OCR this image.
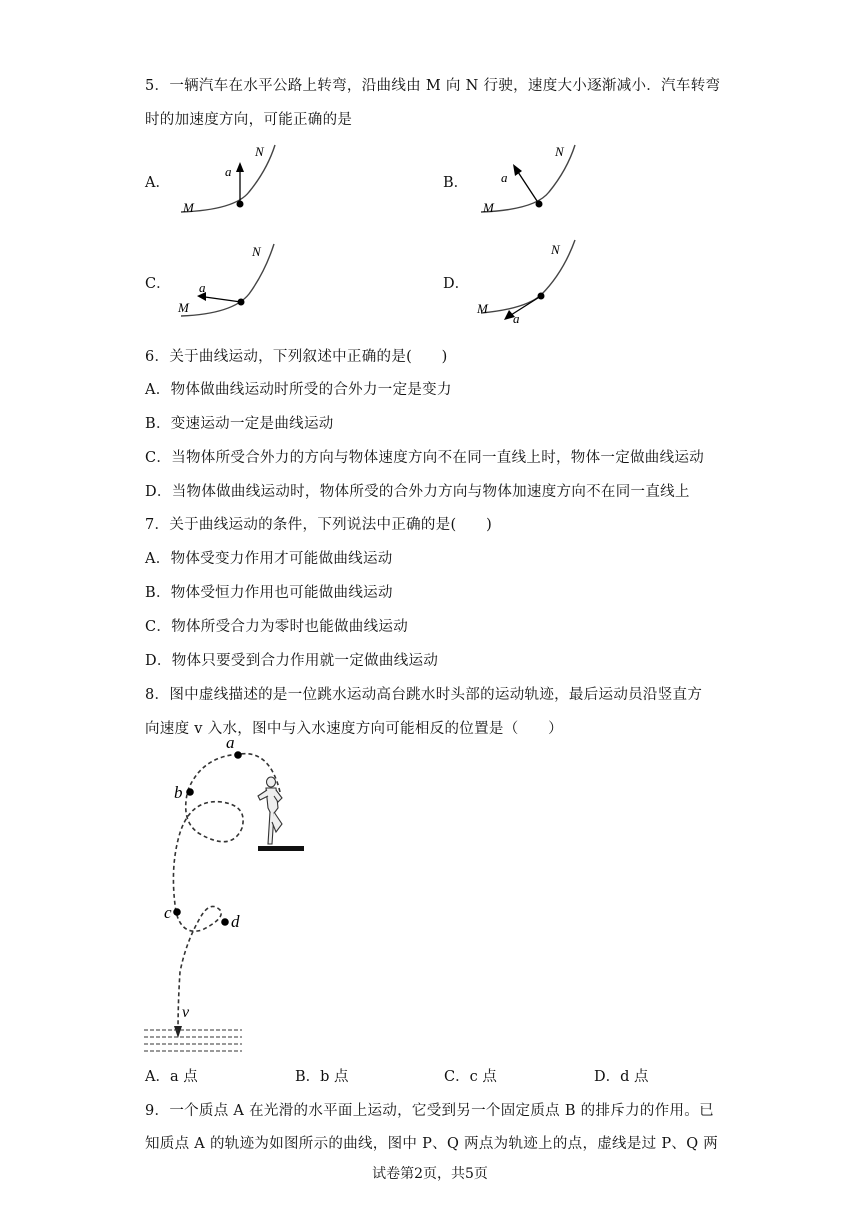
5．一辆汽车在水平公路上转弯，沿曲线由 M 向 N 行驶，速度大小逐渐减小．汽车转弯
时的加速度方向，可能正确的是
A．
N
a
M
B．
N
a
M
C．
N
a
M
D．
N
M
a
6．关于曲线运动，下列叙述中正确的是(　　)
A．物体做曲线运动时所受的合外力一定是变力
B．变速运动一定是曲线运动
C．当物体所受合外力的方向与物体速度方向不在同一直线上时，物体一定做曲线运动
D．当物体做曲线运动时，物体所受的合外力方向与物体加速度方向不在同一直线上
7．关于曲线运动的条件，下列说法中正确的是(　　)
A．物体受变力作用才可能做曲线运动
B．物体受恒力作用也可能做曲线运动
C．物体所受合力为零时也能做曲线运动
D．物体只要受到合力作用就一定做曲线运动
8．图中虚线描述的是一位跳水运动高台跳水时头部的运动轨迹，最后运动员沿竖直方
向速度 v 入水，图中与入水速度方向可能相反的位置是（　　）
a
b
c	d
v
A．a 点	B．b 点	C．c 点	D．d 点
9．一个质点 A 在光滑的水平面上运动，它受到另一个固定质点 B 的排斥力的作用。已
知质点 A 的轨迹为如图所示的曲线，图中 P、Q 两点为轨迹上的点，虚线是过 P、Q 两
试卷第2页，共5页
